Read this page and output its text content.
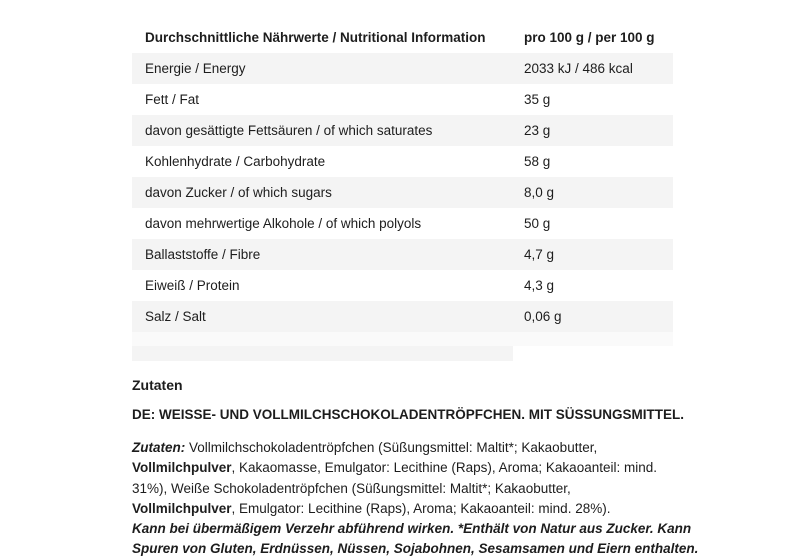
Durchschnittliche Nährwerte / Nutritional Information	pro 100 g / per 100 g
Energie / Energy	2033 kJ / 486 kcal
Fett / Fat	35 g
davon gesättigte Fettsäuren / of which saturates	23 g
Kohlenhydrate / Carbohydrate	58 g
davon Zucker / of which sugars	8,0 g
davon mehrwertige Alkohole / of which polyols	50 g
Ballaststoffe / Fibre	4,7 g
Eiweiß / Protein	4,3 g
Salz / Salt	0,06 g
Zutaten
DE: WEISSE- UND VOLLMILCHSCHOKOLADENTRÖPFCHEN. MIT SÜSSUNGSMITTEL.
Zutaten: Vollmilchschokoladentröpfchen (Süßungsmittel: Maltit*; Kakaobutter,
Vollmilchpulver, Kakaomasse, Emulgator: Lecithine (Raps), Aroma; Kakaoanteil: mind.
31%), Weiße Schokoladentröpfchen (Süßungsmittel: Maltit*; Kakaobutter,
Vollmilchpulver, Emulgator: Lecithine (Raps), Aroma; Kakaoanteil: mind. 28%).
Kann bei übermäßigem Verzehr abführend wirken. *Enthält von Natur aus Zucker. Kann
Spuren von Gluten, Erdnüssen, Nüssen, Sojabohnen, Sesamsamen und Eiern enthalten.
